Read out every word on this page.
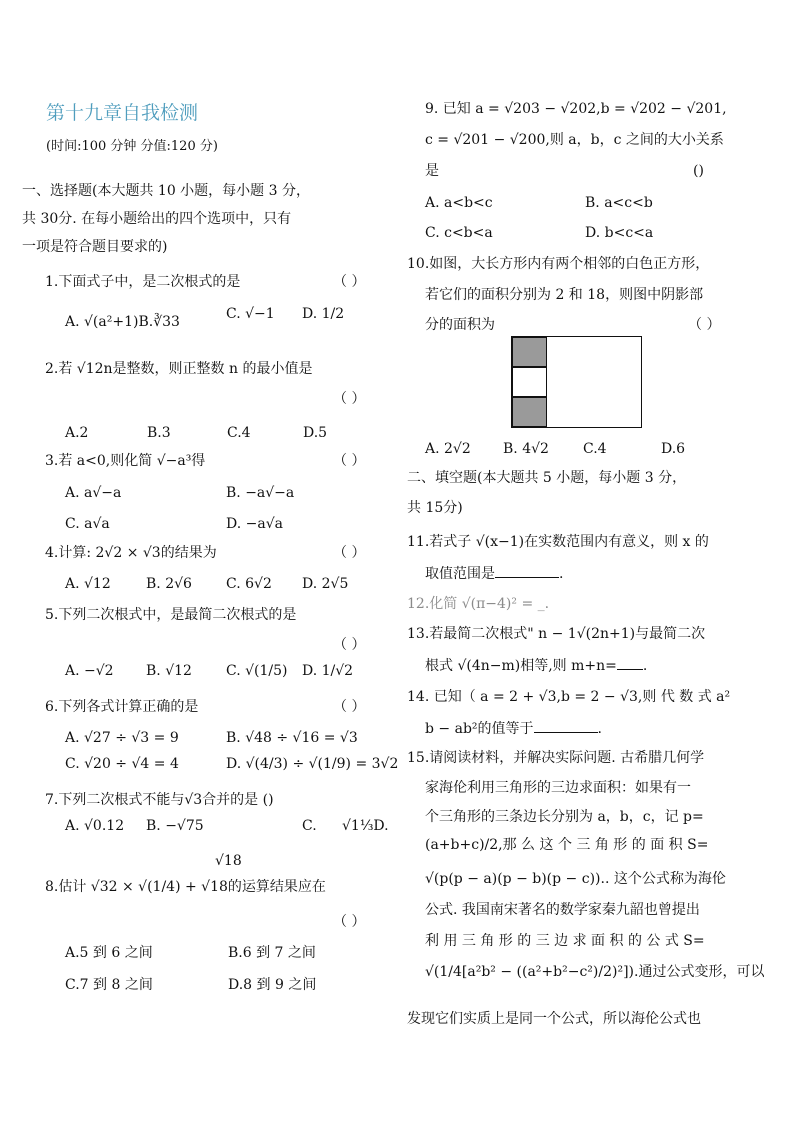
第十九章自我检测
(时间:100 分钟 分值:120 分)
一、选择题(本大题共 10 小题，每小题 3 分，
共 30分. 在每小题给出的四个选项中，只有
一项是符合题目要求的)
1.下面式子中，是二次根式的是	（ ）
A. √(a²+1)B.∛33	C. √−1 D. 1/2
2.若 √12n是整数，则正整数 n 的最小值是
（ ）
A.2	B.3	C.4	D.5
3.若 a<0,则化简 √−a³得	（ ）
A. a√−a	B. −a√−a
C. a√a	D. −a√a
4.计算: 2√2 × √3的结果为	（ ）
A. √12	B. 2√6 C. 6√2 D. 2√5
5.下列二次根式中，是最简二次根式的是
（ ）
A. −√2 B. √12 C. √(1/5) D. 1/√2
6.下列各式计算正确的是	（ ）
A. √27 ÷ √3 = 9	B. √48 ÷ √16 = √3
C. √20 ÷ √4 = 4	D. √(4/3) ÷ √(1/9) = 3√2
7.下列二次根式不能与√3合并的是 ()
A. √0.12 B. −√75	C. √1⅓D.
√18
8.估计 √32 × √(1/4) + √18的运算结果应在
（ ）
A.5 到 6 之间	B.6 到 7 之间
C.7 到 8 之间	D.8 到 9 之间
9. 已知 a = √203 − √202,b = √202 − √201,
c = √201 − √200,则 a，b，c 之间的大小关系
是	()
A. a<b<c	B. a<c<b
C. c<b<a	D. b<c<a
10.如图，大长方形内有两个相邻的白色正方形，
若它们的面积分别为 2 和 18，则图中阴影部
分的面积为	（ ）
A. 2√2 B. 4√2 C.4	D.6
二、填空题(本大题共 5 小题，每小题 3 分，
共 15分)
11.若式子 √(x−1)在实数范围内有意义，则 x 的
取值范围是	.
12.化简 √(π−4)² = _.
13.若最简二次根式" n − 1√(2n+1)与最简二次
根式 √(4n−m)相等,则 m+n= .
14. 已知（ a = 2 + √3,b = 2 − √3,则 代 数 式 a²
b − ab²的值等于	.
15.请阅读材料，并解决实际问题. 古希腊几何学
家海伦利用三角形的三边求面积：如果有一
个三角形的三条边长分别为 a，b，c，记 p=
(a+b+c)/2,那 么 这 个 三 角 形 的 面 积 S=
√(p(p − a)(p − b)(p − c)).. 这个公式称为海伦
公式. 我国南宋著名的数学家秦九韶也曾提出
利 用 三 角 形 的 三 边 求 面 积 的 公 式 S=
√(1/4[a²b² − ((a²+b²−c²)/2)²]).通过公式变形，可以
发现它们实质上是同一个公式，所以海伦公式也
